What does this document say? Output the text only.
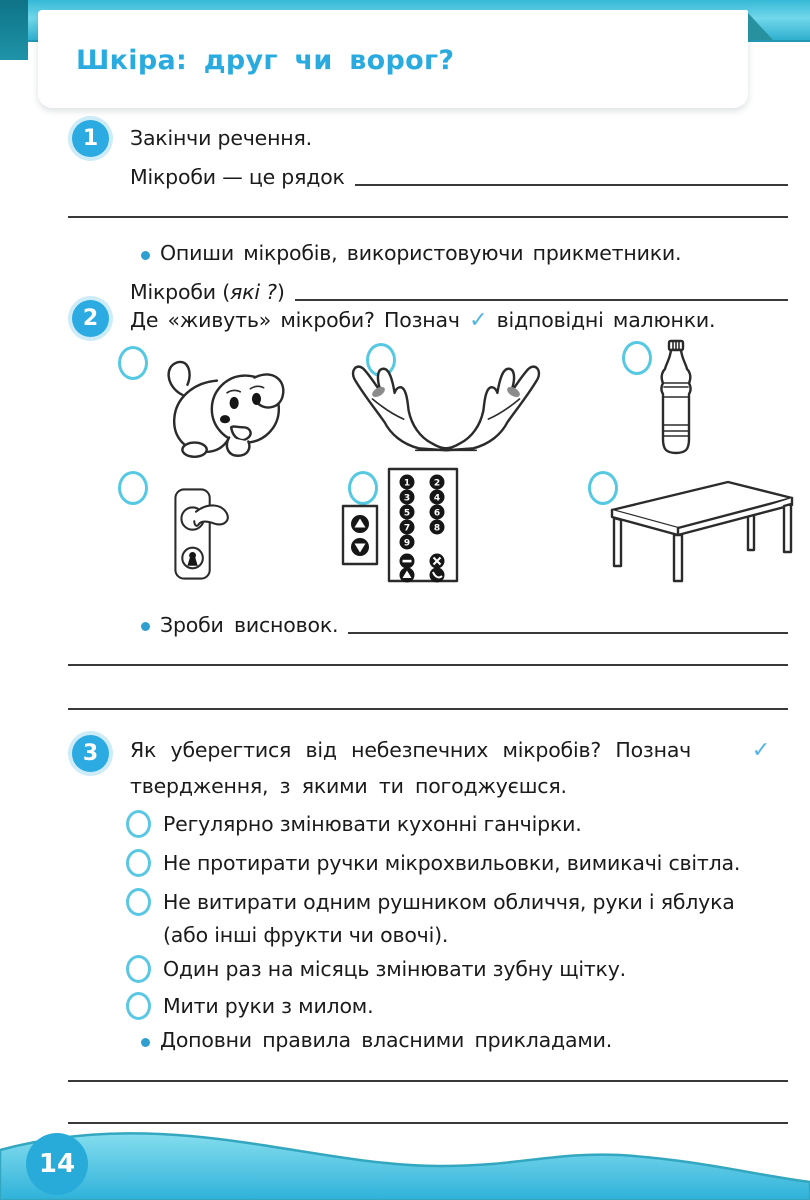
Шкіра: друг чи ворог?
1	Закінчи речення.
Мікроби — це рядок
Опиши мікробів, використовуючи прикметники.
Мікроби ( які ? )
2	Де «живуть» мікроби? Познач ✓ відповідні малюнки.
1	2
3	4
5	6
7	8
9
Зроби висновок.
3	Як уберегтися від небезпечних мікробів? Познач	✓
твердження, з якими ти погоджуєшся.
Регулярно змінювати кухонні ганчірки.
Не протирати ручки мікрохвильовки, вимикачі світла.
Не витирати одним рушником обличчя, руки і яблука (або інші фрукти чи овочі).
Один раз на місяць змінювати зубну щітку.
Мити руки з милом.
Доповни правила власними прикладами.
14
